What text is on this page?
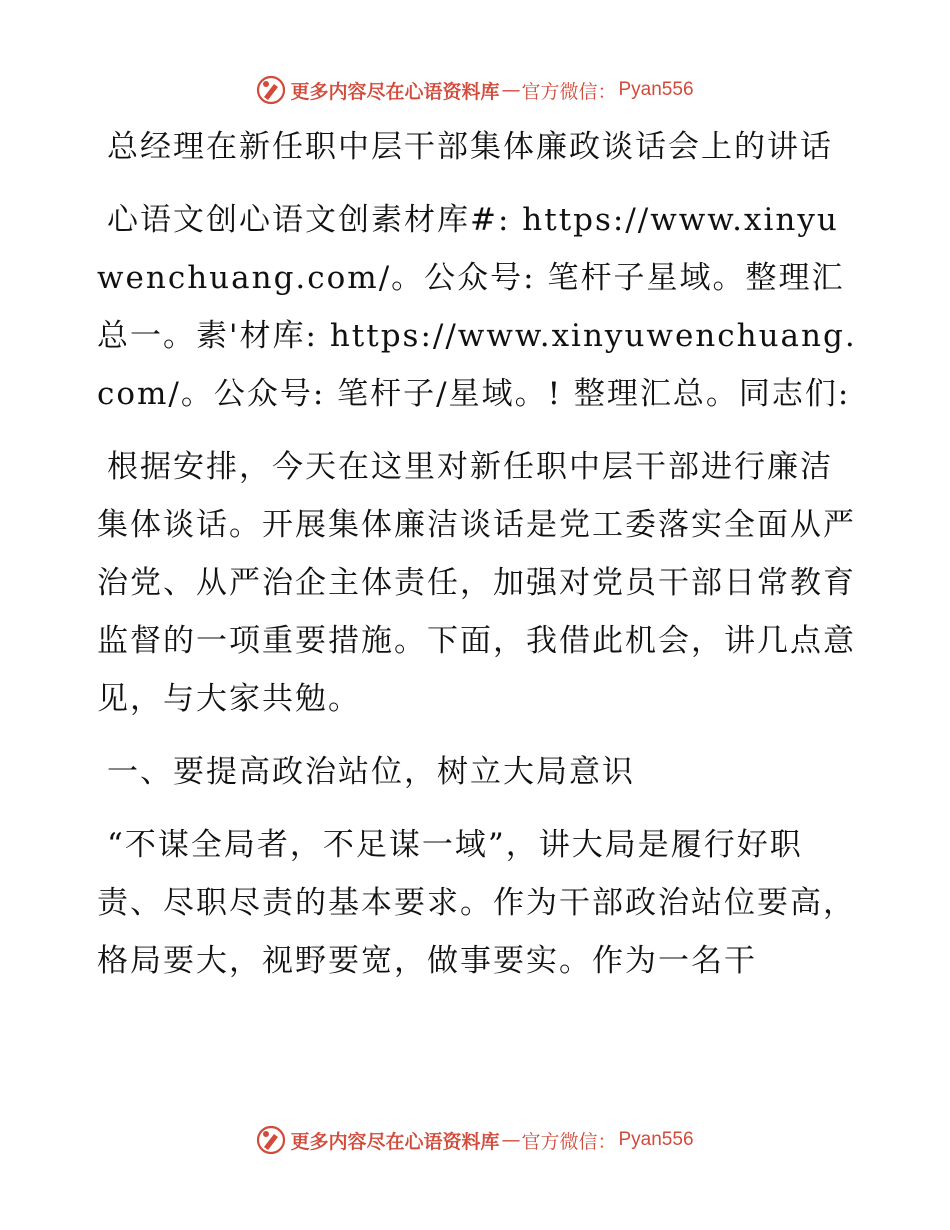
更多内容尽在心语资料库 — 官方微信： Pyan556

总经理在新任职中层干部集体廉政谈话会上的讲话

心语文创心语文创素材库#: https://www.xinyuwenchuang.com/。公众号: 笔杆子星域。整理汇总一。素'材库: https://www.xinyuwenchuang.com/。公众号: 笔杆子/星域。! 整理汇总。同志们:

根据安排，今天在这里对新任职中层干部进行廉洁集体谈话。开展集体廉洁谈话是党工委落实全面从严治党、从严治企主体责任，加强对党员干部日常教育监督的一项重要措施。下面，我借此机会，讲几点意见，与大家共勉。

一、要提高政治站位，树立大局意识

“不谋全局者，不足谋一域”，讲大局是履行好职责、尽职尽责的基本要求。作为干部政治站位要高，格局要大，视野要宽，做事要实。作为一名干

更多内容尽在心语资料库 — 官方微信： Pyan556
